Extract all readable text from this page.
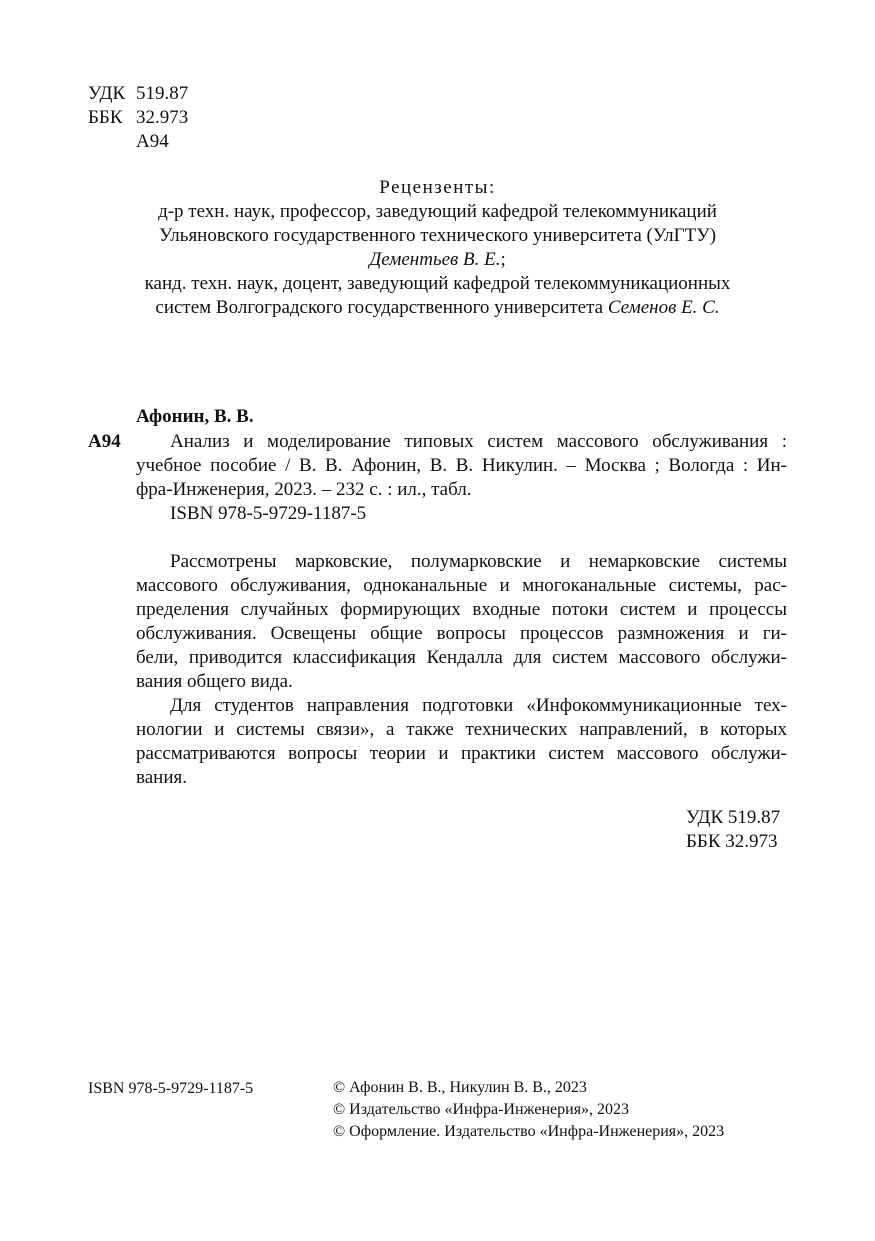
УДК 519.87
ББК 32.973
А94
Рецензенты:
д-р техн. наук, профессор, заведующий кафедрой телекоммуникаций
Ульяновского государственного технического университета (УлГТУ)
Дементьев В. Е.;
канд. техн. наук, доцент, заведующий кафедрой телекоммуникационных
систем Волгоградского государственного университета Семенов Е. С.
Афонин, В. В.
А94	Анализ и моделирование типовых систем массового обслуживания :
учебное пособие / В. В. Афонин, В. В. Никулин. – Москва ; Вологда : Ин-
фра-Инженерия, 2023. – 232 с. : ил., табл.
ISBN 978-5-9729-1187-5
Рассмотрены марковские, полумарковские и немарковские системы
массового обслуживания, одноканальные и многоканальные системы, рас-
пределения случайных формирующих входные потоки систем и процессы
обслуживания. Освещены общие вопросы процессов размножения и ги-
бели, приводится классификация Кендалла для систем массового обслужи-
вания общего вида.
Для студентов направления подготовки «Инфокоммуникационные тех-
нологии и системы связи», а также технических направлений, в которых
рассматриваются вопросы теории и практики систем массового обслужи-
вания.
УДК 519.87
ББК 32.973
ISBN 978-5-9729-1187-5	© Афонин В. В., Никулин В. В., 2023
© Издательство «Инфра-Инженерия», 2023
© Оформление. Издательство «Инфра-Инженерия», 2023
